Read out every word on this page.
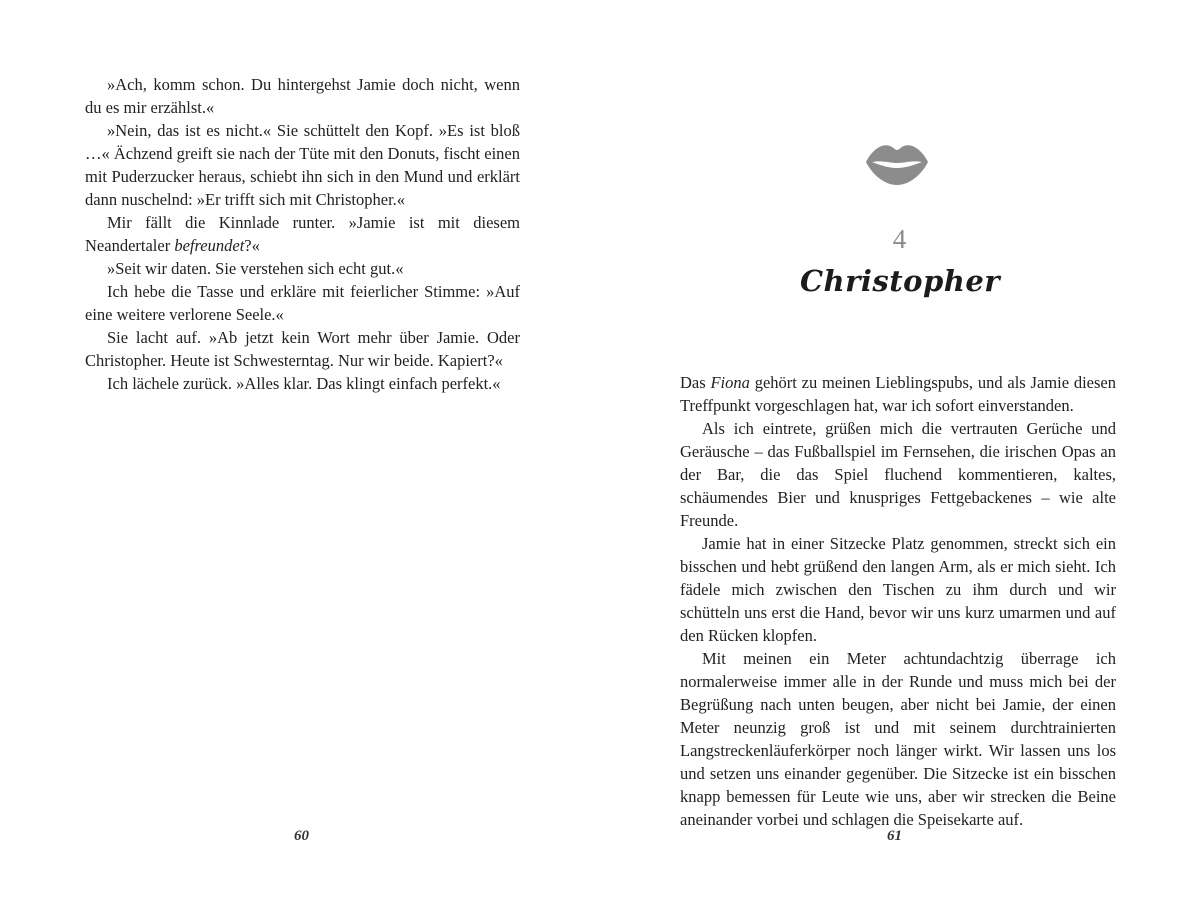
»Ach, komm schon. Du hintergehst Jamie doch nicht, wenn du es mir erzählst.«

»Nein, das ist es nicht.« Sie schüttelt den Kopf. »Es ist bloß …« Ächzend greift sie nach der Tüte mit den Donuts, fischt einen mit Puderzucker heraus, schiebt ihn sich in den Mund und erklärt dann nuschelnd: »Er trifft sich mit Christopher.«

Mir fällt die Kinnlade runter. »Jamie ist mit diesem Neandertaler befreundet?«

»Seit wir daten. Sie verstehen sich echt gut.«

Ich hebe die Tasse und erkläre mit feierlicher Stimme: »Auf eine weitere verlorene Seele.«

Sie lacht auf. »Ab jetzt kein Wort mehr über Jamie. Oder Christopher. Heute ist Schwesterntag. Nur wir beide. Kapiert?«

Ich lächele zurück. »Alles klar. Das klingt einfach perfekt.«

60
4
Christopher

Das Fiona gehört zu meinen Lieblingspubs, und als Jamie diesen Treffpunkt vorgeschlagen hat, war ich sofort einverstanden.

Als ich eintrete, grüßen mich die vertrauten Gerüche und Geräusche – das Fußballspiel im Fernsehen, die irischen Opas an der Bar, die das Spiel fluchend kommentieren, kaltes, schäumendes Bier und knuspriges Fettgebackenes – wie alte Freunde.

Jamie hat in einer Sitzecke Platz genommen, streckt sich ein bisschen und hebt grüßend den langen Arm, als er mich sieht. Ich fädele mich zwischen den Tischen zu ihm durch und wir schütteln uns erst die Hand, bevor wir uns kurz umarmen und auf den Rücken klopfen.

Mit meinen ein Meter achtundachtzig überrage ich normalerweise immer alle in der Runde und muss mich bei der Begrüßung nach unten beugen, aber nicht bei Jamie, der einen Meter neunzig groß ist und mit seinem durchtrainierten Langstreckenläuferkörper noch länger wirkt. Wir lassen uns los und setzen uns einander gegenüber. Die Sitzecke ist ein bisschen knapp bemessen für Leute wie uns, aber wir strecken die Beine aneinander vorbei und schlagen die Speisekarte auf.

61
